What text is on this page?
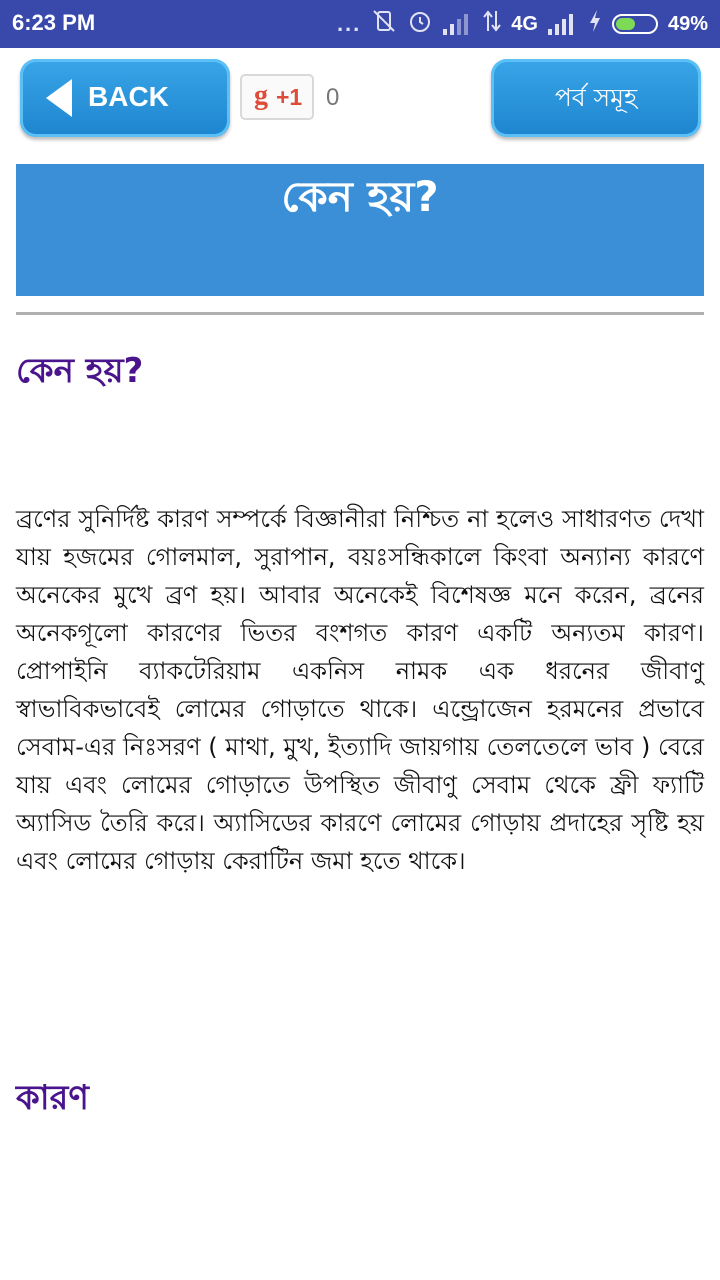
6:23 PM	...	4G	49%
BACK	g +1 0	পর্ব সমূহ
কেন হয়?
কেন হয়?
ব্রণের সুনির্দিষ্ট কারণ সম্পর্কে বিজ্ঞানীরা নিশ্চিত না হলেও সাধারণত দেখা যায় হজমের গোলমাল, সুরাপান, বয়ঃসন্ধিকালে কিংবা অন্যান্য কারণে অনেকের মুখে ব্রণ হয়। আবার অনেকেই বিশেষজ্ঞ মনে করেন, ব্রনের অনেকগূলো কারণের ভিতর বংশগত কারণ একটি অন্যতম কারণ। প্রোপাইনি ব্যাকটেরিয়াম একনিস নামক এক ধরনের জীবাণু স্বাভাবিকভাবেই লোমের গোড়াতে থাকে। এন্ড্রোজেন হরমনের প্রভাবে সেবাম-এর নিঃসরণ ( মাথা, মুখ, ইত্যাদি জায়গায় তেলতেলে ভাব ) বেরে যায় এবং লোমের গোড়াতে উপস্থিত জীবাণু সেবাম থেকে ফ্রী ফ্যাটি অ্যাসিড তৈরি করে। অ্যাসিডের কারণে লোমের গোড়ায় প্রদাহের সৃষ্টি হয় এবং লোমের গোড়ায় কেরাটিন জমা হতে থাকে।
কারণ
